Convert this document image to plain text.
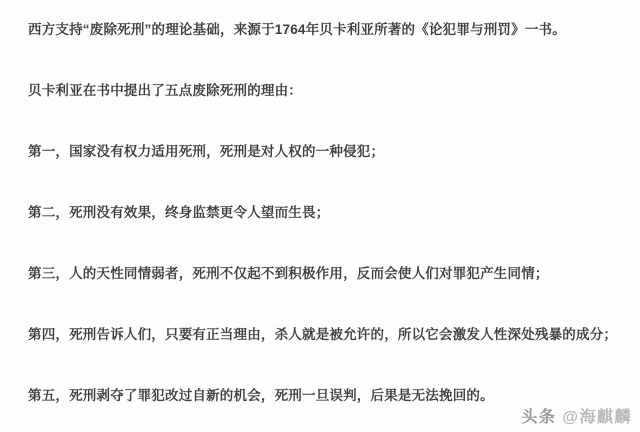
西方支持“废除死刑”的理论基础，来源于1764年贝卡利亚所著的《论犯罪与刑罚》一书。

贝卡利亚在书中提出了五点废除死刑的理由：

第一，国家没有权力适用死刑，死刑是对人权的一种侵犯；

第二，死刑没有效果，终身监禁更令人望而生畏；

第三，人的天性同情弱者，死刑不仅起不到积极作用，反而会使人们对罪犯产生同情；

第四，死刑告诉人们，只要有正当理由，杀人就是被允许的，所以它会激发人性深处残暴的成分；

第五，死刑剥夺了罪犯改过自新的机会，死刑一旦误判，后果是无法挽回的。

头条 @海麒麟
